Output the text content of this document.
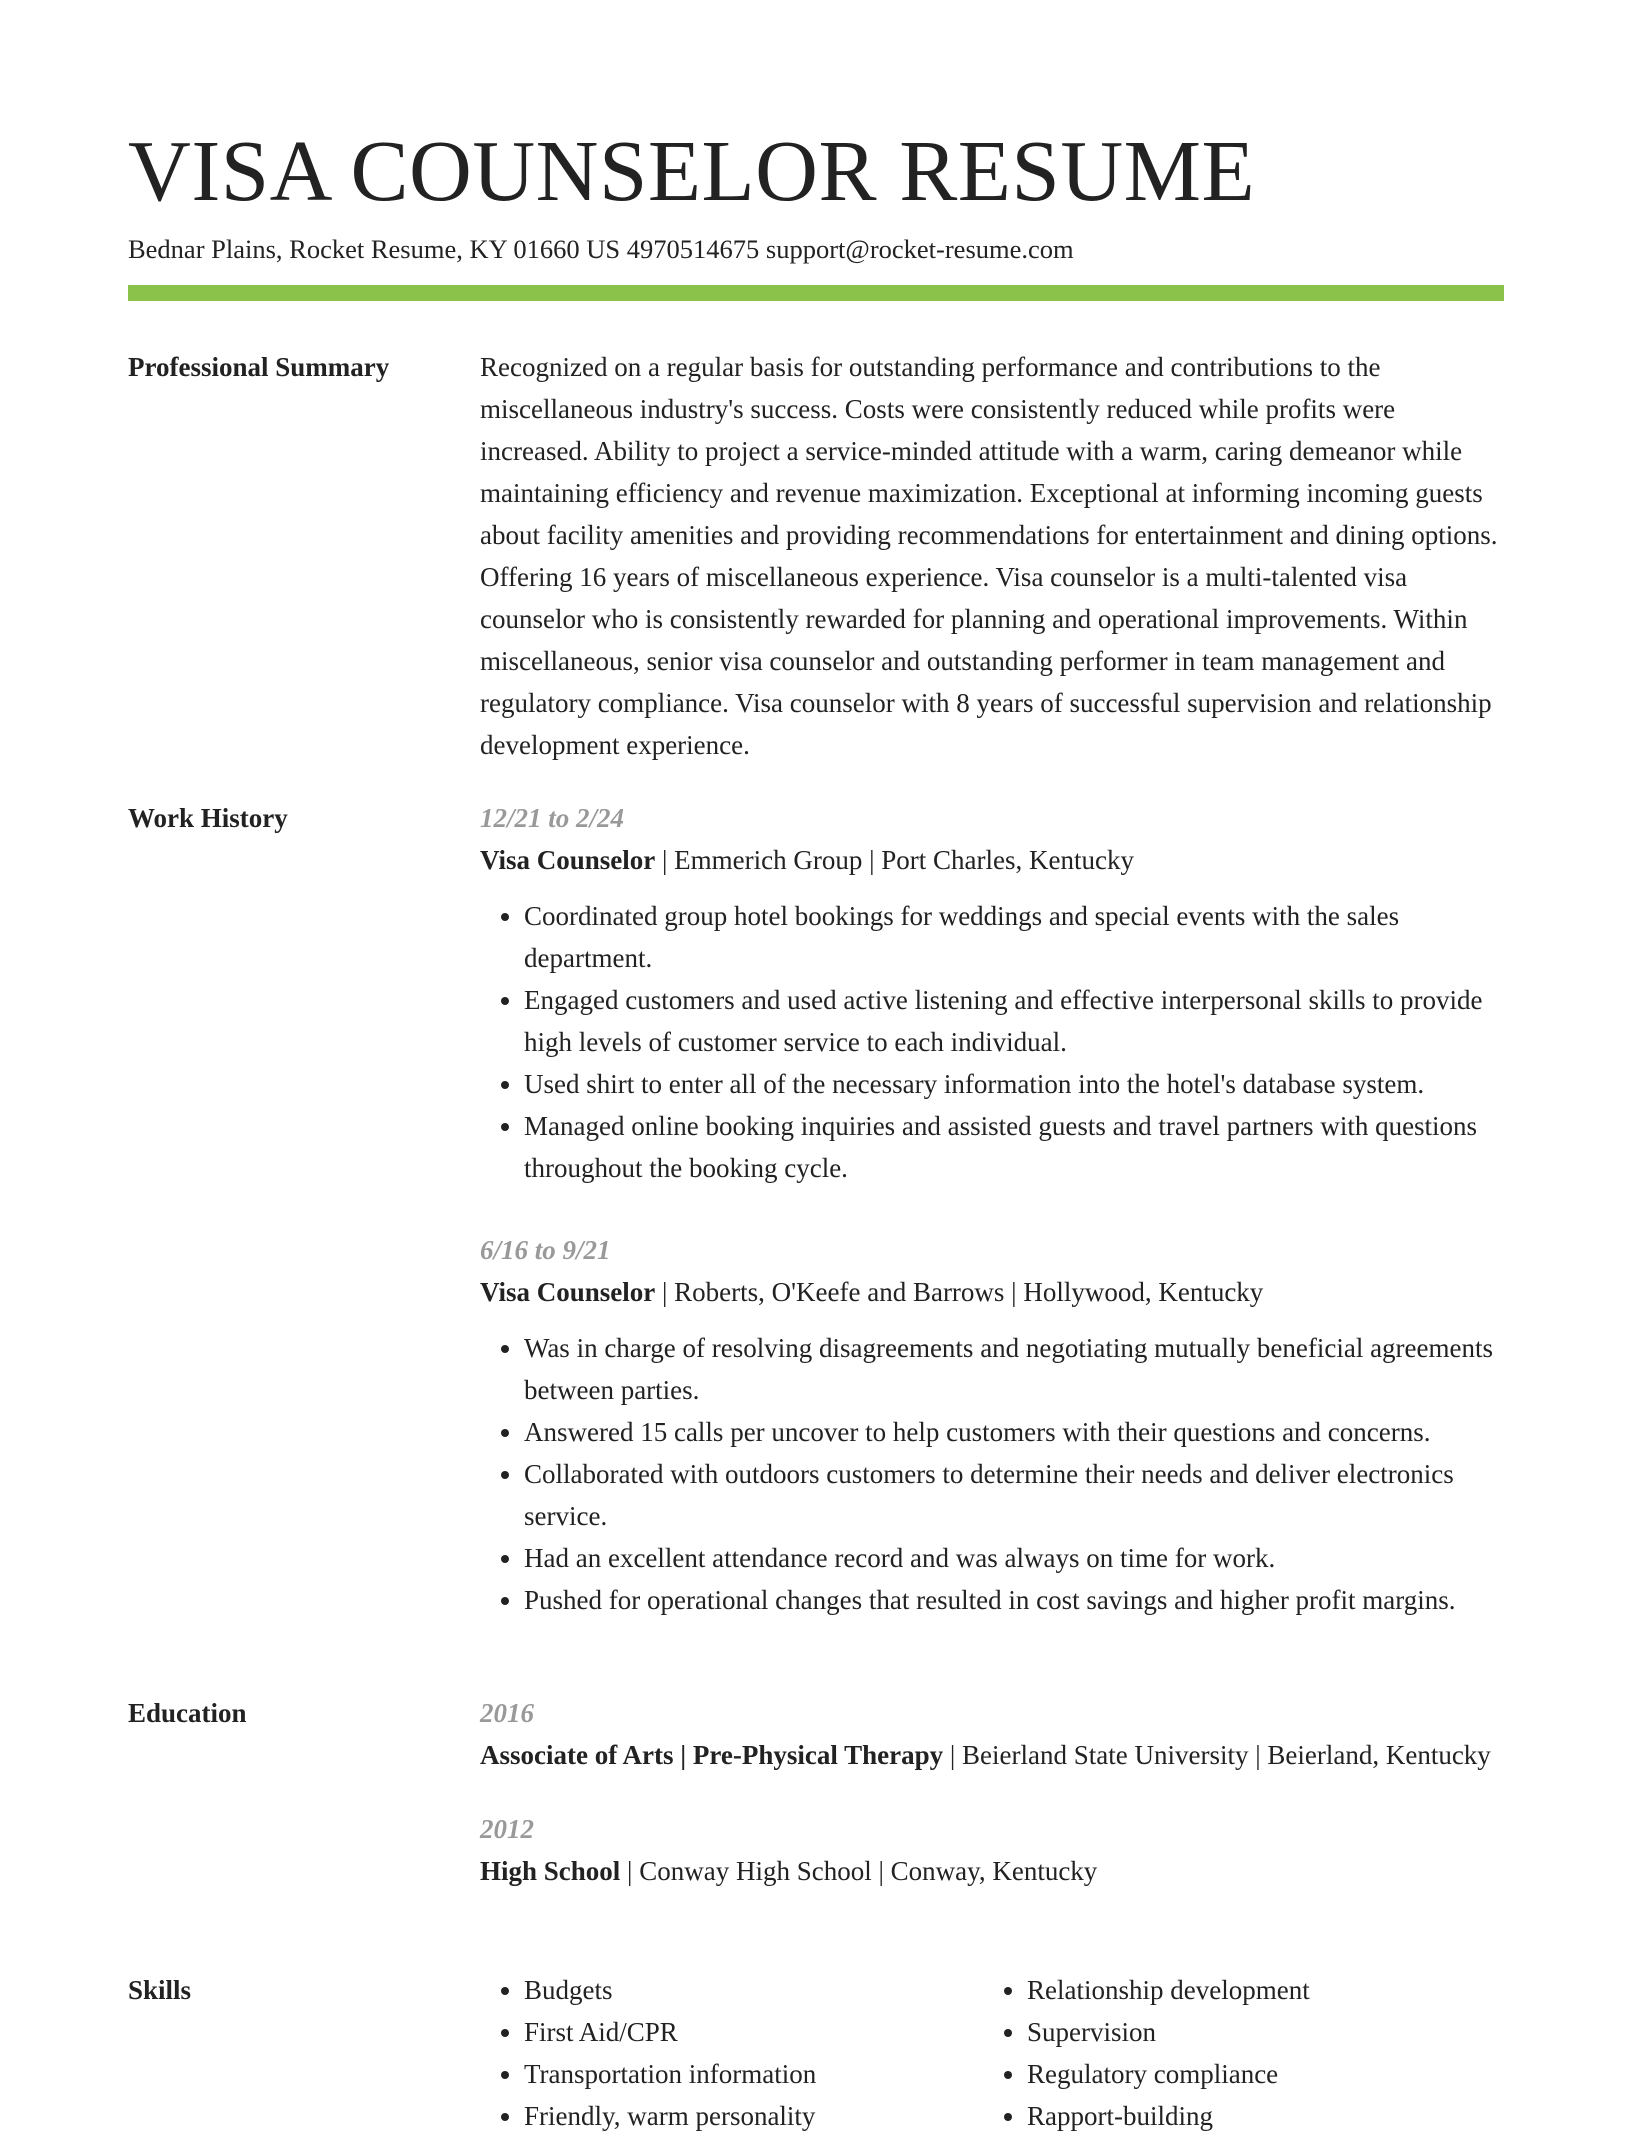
VISA COUNSELOR RESUME
Bednar Plains, Rocket Resume, KY 01660 US 4970514675 support@rocket-resume.com
Professional Summary	Recognized on a regular basis for outstanding performance and contributions to the miscellaneous industry's success. Costs were consistently reduced while profits were increased. Ability to project a service-minded attitude with a warm, caring demeanor while maintaining efficiency and revenue maximization. Exceptional at informing incoming guests about facility amenities and providing recommendations for entertainment and dining options. Offering 16 years of miscellaneous experience. Visa counselor is a multi-talented visa counselor who is consistently rewarded for planning and operational improvements. Within miscellaneous, senior visa counselor and outstanding performer in team management and regulatory compliance. Visa counselor with 8 years of successful supervision and relationship development experience.

Work History	12/21 to 2/24
Visa Counselor | Emmerich Group | Port Charles, Kentucky
• Coordinated group hotel bookings for weddings and special events with the sales department.
• Engaged customers and used active listening and effective interpersonal skills to provide high levels of customer service to each individual.
• Used shirt to enter all of the necessary information into the hotel's database system.
• Managed online booking inquiries and assisted guests and travel partners with questions throughout the booking cycle.
6/16 to 9/21
Visa Counselor | Roberts, O'Keefe and Barrows | Hollywood, Kentucky
• Was in charge of resolving disagreements and negotiating mutually beneficial agreements between parties.
• Answered 15 calls per uncover to help customers with their questions and concerns.
• Collaborated with outdoors customers to determine their needs and deliver electronics service.
• Had an excellent attendance record and was always on time for work.
• Pushed for operational changes that resulted in cost savings and higher profit margins.
Education	2016
Associate of Arts | Pre-Physical Therapy | Beierland State University | Beierland, Kentucky
2012
High School | Conway High School | Conway, Kentucky
Skills
•	Budgets
• First Aid/CPR
• Transportation information
• Friendly, warm personality
• Relationship development
• Supervision
• Regulatory compliance
• Rapport-building
